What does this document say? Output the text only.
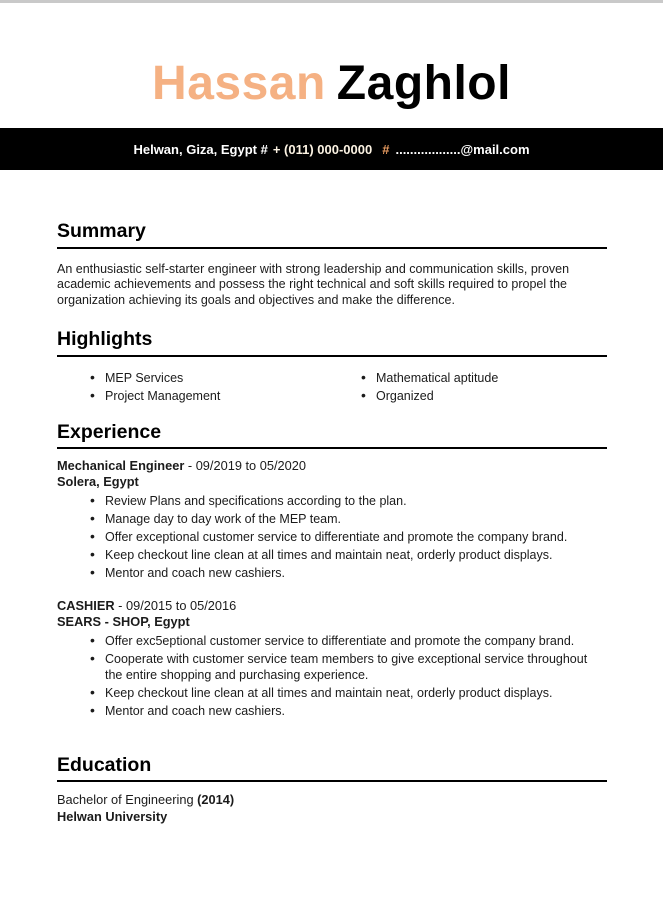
Hassan Zaghlol
Helwan, Giza, Egypt # + (011) 000-0000 # ..................@mail.com
Summary

An enthusiastic self-starter engineer with strong leadership and communication skills, proven academic achievements and possess the right technical and soft skills required to propel the organization achieving its goals and objectives and make the difference.

Highlights
• MEP Services
• Project Management
• Mathematical aptitude
• Organized
Experience

Mechanical Engineer - 09/2019 to 05/2020

Solera, Egypt

• Review Plans and specifications according to the plan.
• Manage day to day work of the MEP team.
• Offer exceptional customer service to differentiate and promote the company brand.
• Keep checkout line clean at all times and maintain neat, orderly product displays.
• Mentor and coach new cashiers.

CASHIER - 09/2015 to 05/2016

SEARS - SHOP, Egypt

• Offer exc5eptional customer service to differentiate and promote the company brand.
• Cooperate with customer service team members to give exceptional service throughout the entire shopping and purchasing experience.
• Keep checkout line clean at all times and maintain neat, orderly product displays.
• Mentor and coach new cashiers.
Education

Bachelor of Engineering (2014)

Helwan University
